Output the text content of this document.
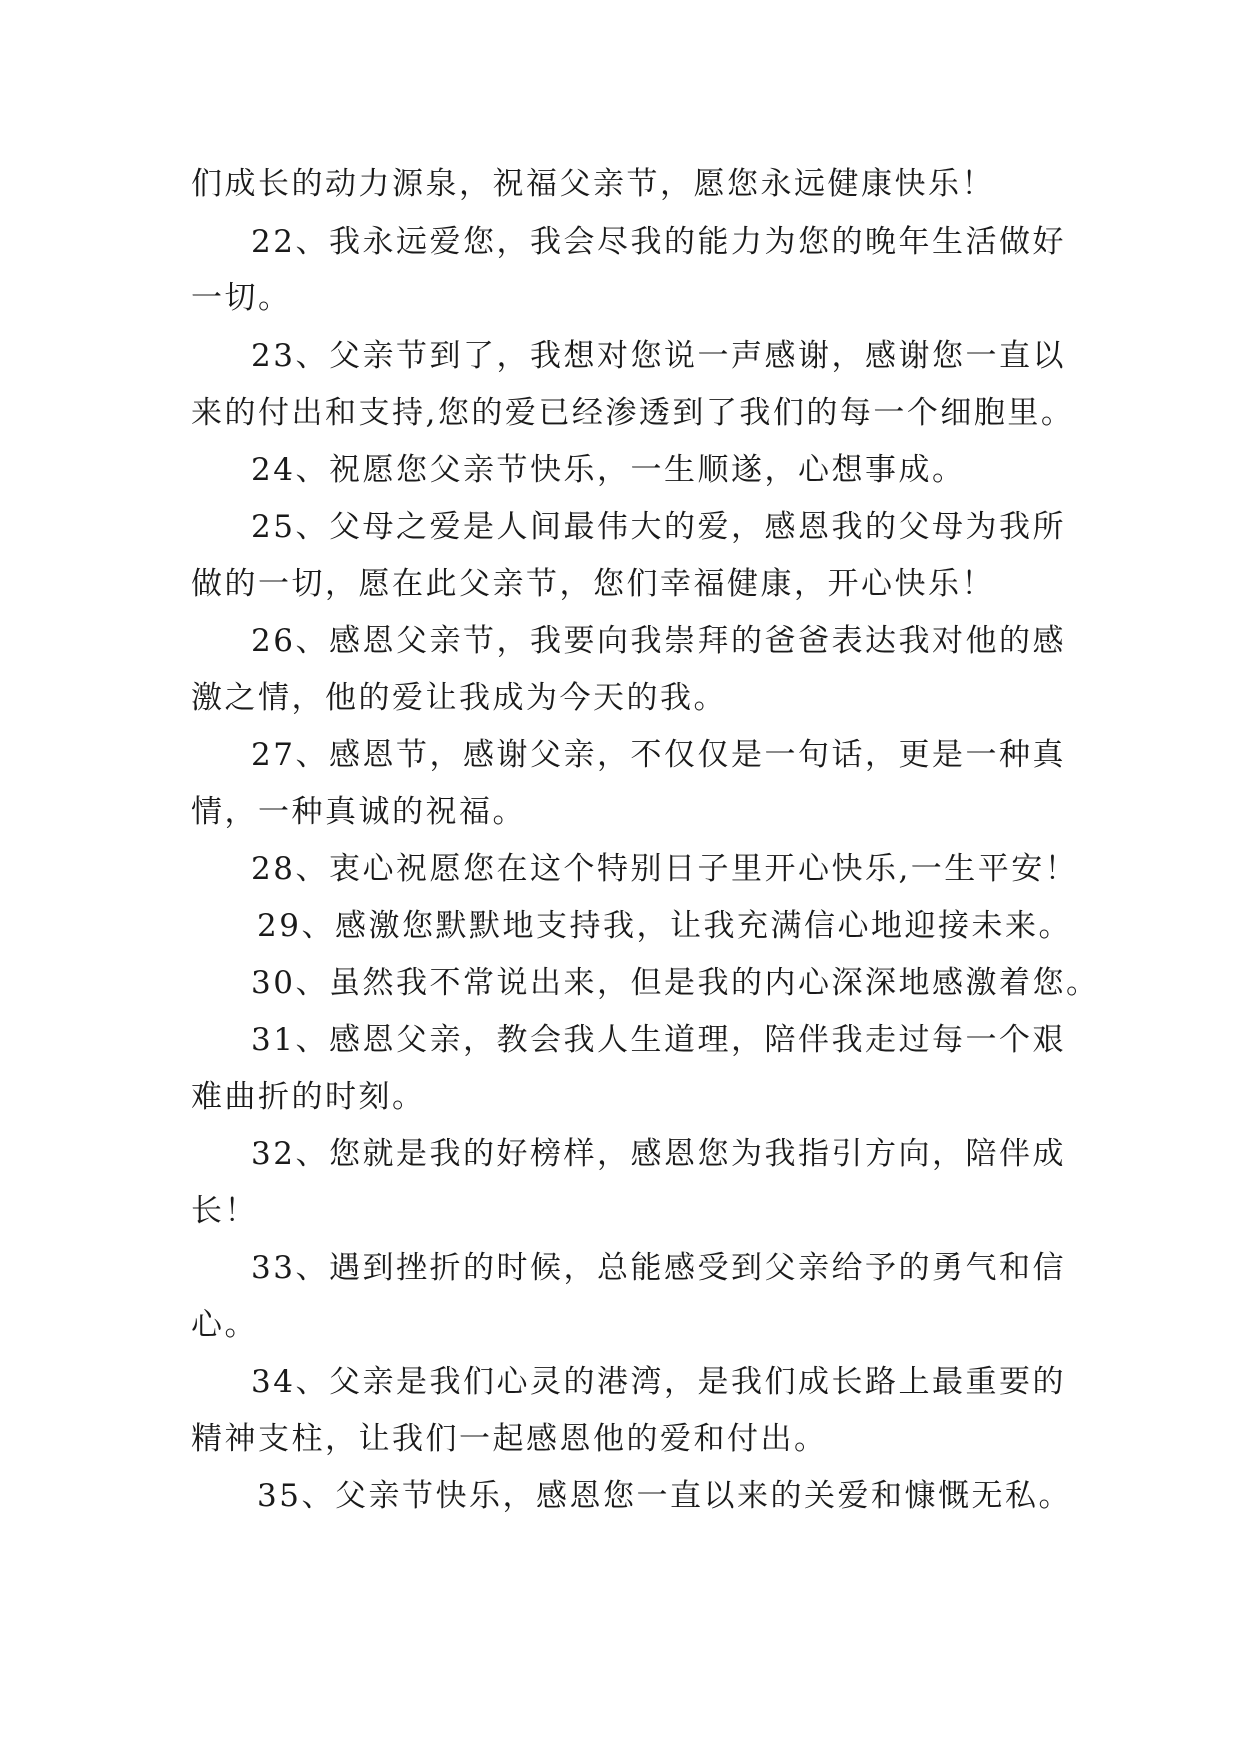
们成长的动力源泉，祝福父亲节，愿您永远健康快乐！

22、我永远爱您，我会尽我的能力为您的晚年生活做好

一切。

23、父亲节到了，我想对您说一声感谢，感谢您一直以

来的付出和支持,您的爱已经渗透到了我们的每一个细胞里。

24、祝愿您父亲节快乐，一生顺遂，心想事成。

25、父母之爱是人间最伟大的爱，感恩我的父母为我所

做的一切，愿在此父亲节，您们幸福健康，开心快乐！

26、感恩父亲节，我要向我崇拜的爸爸表达我对他的感

激之情，他的爱让我成为今天的我。

27、感恩节，感谢父亲，不仅仅是一句话，更是一种真

情，一种真诚的祝福。

28、衷心祝愿您在这个特别日子里开心快乐,一生平安！

29、感激您默默地支持我，让我充满信心地迎接未来。

30、虽然我不常说出来，但是我的内心深深地感激着您。

31、感恩父亲，教会我人生道理，陪伴我走过每一个艰

难曲折的时刻。

32、您就是我的好榜样，感恩您为我指引方向，陪伴成

长！

33、遇到挫折的时候，总能感受到父亲给予的勇气和信

心。

34、父亲是我们心灵的港湾，是我们成长路上最重要的

精神支柱，让我们一起感恩他的爱和付出。

35、父亲节快乐，感恩您一直以来的关爱和慷慨无私。
